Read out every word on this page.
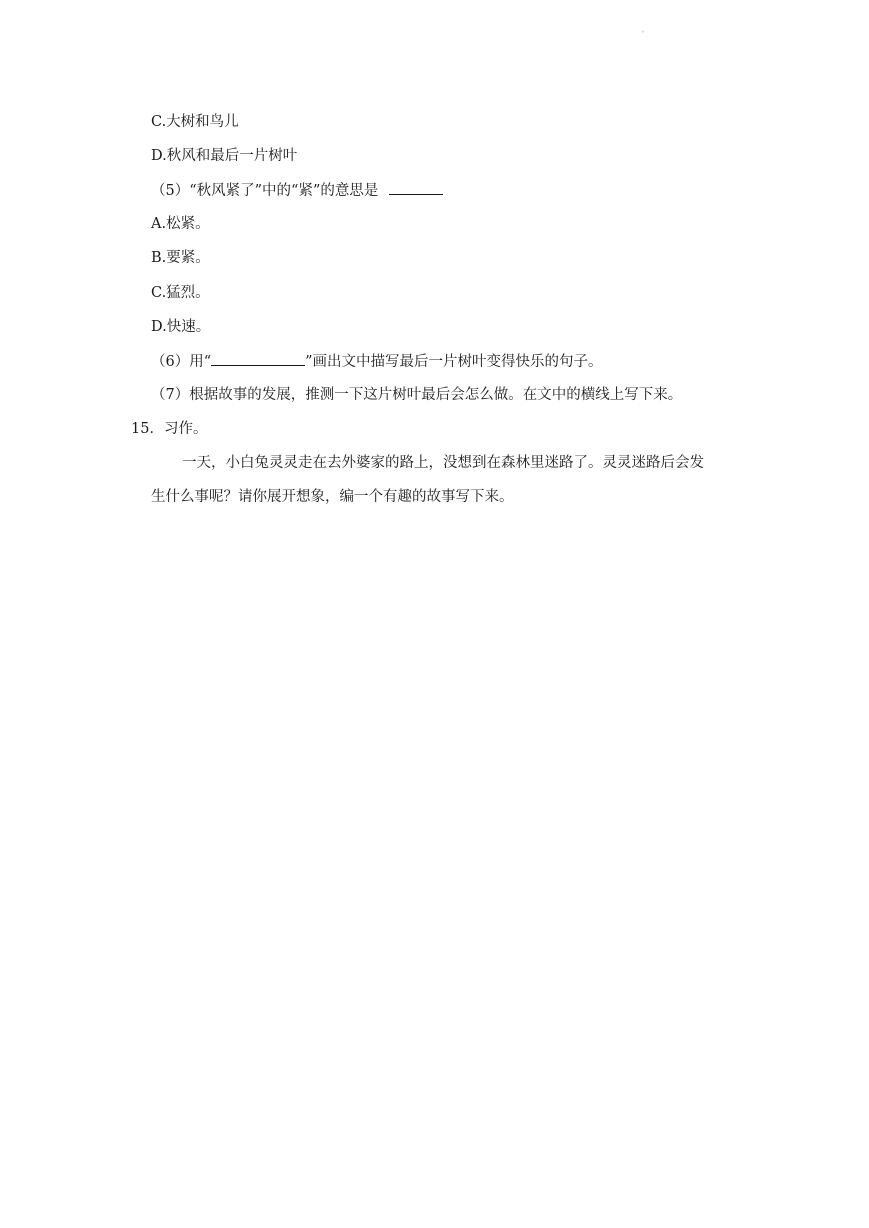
'
C.大树和鸟儿
D.秋风和最后一片树叶
（5）“秋风紧了”中的“紧”的意思是
A.松紧。
B.要紧。
C.猛烈。
D.快速。
（6）用“	”画出文中描写最后一片树叶变得快乐的句子。
（7）根据故事的发展，推测一下这片树叶最后会怎么做。在文中的横线上写下来。
15．习作。
一天，小白兔灵灵走在去外婆家的路上，没想到在森林里迷路了。灵灵迷路后会发
生什么事呢？请你展开想象，编一个有趣的故事写下来。
